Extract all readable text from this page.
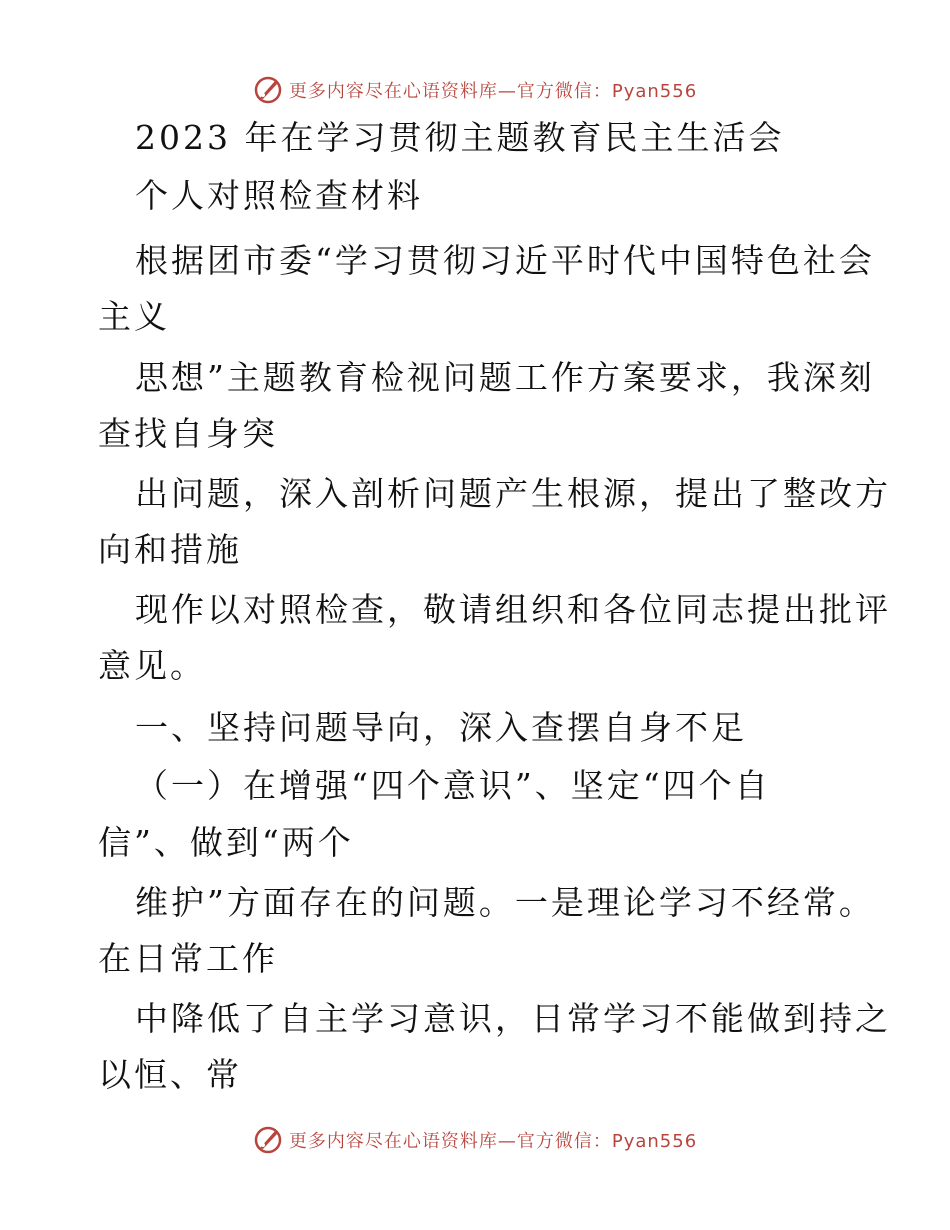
更多内容尽在心语资料库—官方微信：Pyan556
2023 年在学习贯彻主题教育民主生活会
个人对照检查材料
根据团市委“学习贯彻习近平时代中国特色社会
主义
思想”主题教育检视问题工作方案要求，我深刻
查找自身突
出问题，深入剖析问题产生根源，提出了整改方
向和措施
现作以对照检查，敬请组织和各位同志提出批评
意见。
一、坚持问题导向，深入查摆自身不足
（一）在增强“四个意识”、坚定“四个自
信”、做到“两个
维护”方面存在的问题。一是理论学习不经常。
在日常工作
中降低了自主学习意识，日常学习不能做到持之
以恒、常
更多内容尽在心语资料库—官方微信：Pyan556
